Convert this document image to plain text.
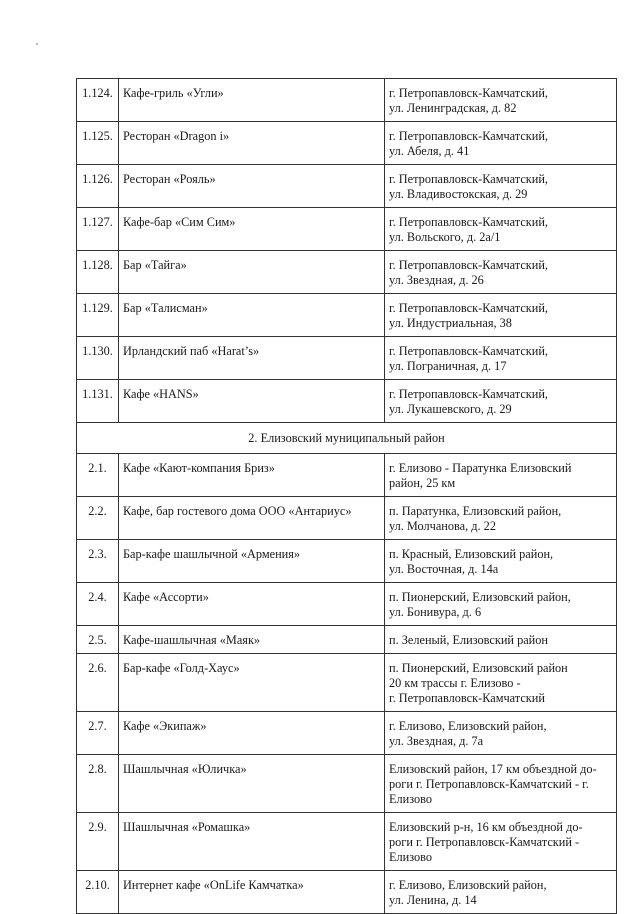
1.124.	Кафе-гриль «Угли»	г. Петропавловск-Камчатский,
ул. Ленинградская, д. 82

1.125.	Ресторан «Dragon i»	г. Петропавловск-Камчатский,
ул. Абеля, д. 41

1.126.	Ресторан «Рояль»	г. Петропавловск-Камчатский,
ул. Владивостокская, д. 29

1.127.	Кафе-бар «Сим Сим»	г. Петропавловск-Камчатский,
ул. Вольского, д. 2а/1

1.128.	Бар «Тайга»	г. Петропавловск-Камчатский,
ул. Звездная, д. 26

1.129.	Бар «Талисман»	г. Петропавловск-Камчатский,
ул. Индустриальная, 38

1.130.	Ирландский паб «Harat’s»	г. Петропавловск-Камчатский,
ул. Пограничная, д. 17

1.131.	Кафе «HANS»	г. Петропавловск-Камчатский,
ул. Лукашевского, д. 29

2. Елизовский муниципальный район		
2.1.	Кафе «Кают-компания Бриз»	г. Елизово - Паратунка Елизовский
район, 25 км

2.2.	Кафе, бар гостевого дома ООО «Антариус»	п. Паратунка, Елизовский район,
ул. Молчанова, д. 22

2.3.	Бар-кафе шашлычной «Армения»	п. Красный, Елизовский район,
ул. Восточная, д. 14а

2.4.	Кафе «Ассорти»	п. Пионерский, Елизовский район,
ул. Бонивура, д. 6

2.5.	Кафе-шашлычная «Маяк»	п. Зеленый, Елизовский район

2.6.	Бар-кафе «Голд-Хаус»	п. Пионерский, Елизовский район
20 км трассы г. Елизово -
г. Петропавловск-Камчатский

2.7.	Кафе «Экипаж»	г. Елизово, Елизовский район,
ул. Звездная, д. 7а

2.8.	Шашлычная «Юличка»	Елизовский район, 17 км объездной до-
роги г. Петропавловск-Камчатский - г.
Елизово

2.9.	Шашлычная «Ромашка»	Елизовский р-н, 16 км объездной до-
роги г. Петропавловск-Камчатский -
Елизово

2.10.	Интернет кафе «OnLife Камчатка»	г. Елизово, Елизовский район,
ул. Ленина, д. 14
